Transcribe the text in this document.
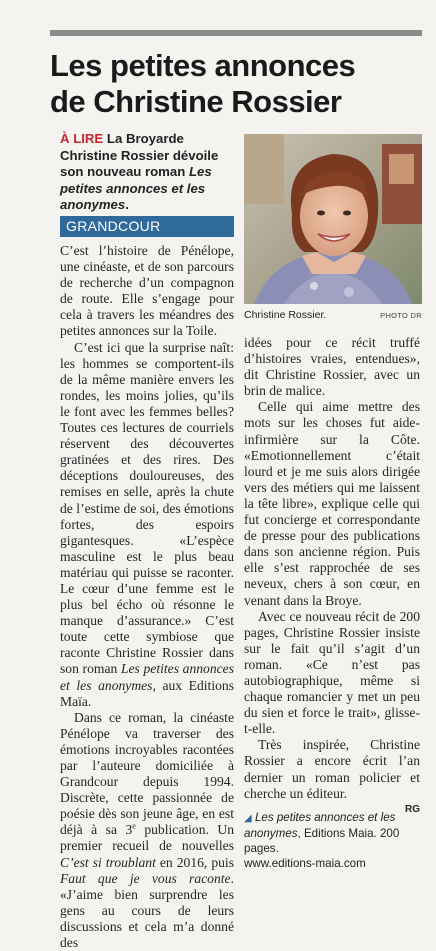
Les petites annonces
de Christine Rossier
À LIRE La Broyarde Christine Rossier dévoile son nouveau roman Les petites annonces et les anonymes.
GRANDCOUR
Christine Rossier.	PHOTO DR

C’est l’histoire de Pénélope, une cinéaste, et de son parcours de recherche d’un compagnon de route. Elle s’engage pour cela à travers les méandres des petites annonces sur la Toile.

C’est ici que la surprise naît: les hommes se comportent-ils de la même manière envers les rondes, les moins jolies, qu’ils le font avec les femmes belles? Toutes ces lectures de courriels réservent des découvertes gratinées et des rires. Des déceptions douloureuses, des remises en selle, après la chute de l’estime de soi, des émotions fortes, des espoirs gigantesques. «L’espèce masculine est le plus beau matériau qui puisse se raconter. Le cœur d’une femme est le plus bel écho où résonne le manque d’assurance.» C’est toute cette symbiose que raconte Christine Rossier dans son roman Les petites annonces et les anonymes, aux Editions Maïa.

Dans ce roman, la cinéaste Pénélope va traverser des émotions incroyables racontées par l’auteure domiciliée à Grandcour depuis 1994. Discrète, cette passionnée de poésie dès son jeune âge, en est déjà à sa 3e publication. Un premier recueil de nouvelles C’est si troublant en 2016, puis Faut que je vous raconte. «J’aime bien surprendre les gens au cours de leurs discussions et cela m’a donné des

idées pour ce récit truffé d’histoires vraies, entendues», dit Christine Rossier, avec un brin de malice.

Celle qui aime mettre des mots sur les choses fut aide-infirmière sur la Côte. «Emotionnellement c’était lourd et je me suis alors dirigée vers des métiers qui me laissent la tête libre», explique celle qui fut concierge et correspondante de presse pour des publications dans son ancienne région. Puis elle s’est rapprochée de ses neveux, chers à son cœur, en venant dans la Broye.

Avec ce nouveau récit de 200 pages, Christine Rossier insiste sur le fait qu’il s’agit d’un roman. «Ce n’est pas autobiographique, même si chaque romancier y met un peu du sien et force le trait», glisse-t-elle.

Très inspirée, Christine Rossier a encore écrit l’an dernier un roman policier et cherche un éditeur.
RG

◢ Les petites annonces et les anonymes, Editions Maia. 200 pages.
www.editions-maia.com
